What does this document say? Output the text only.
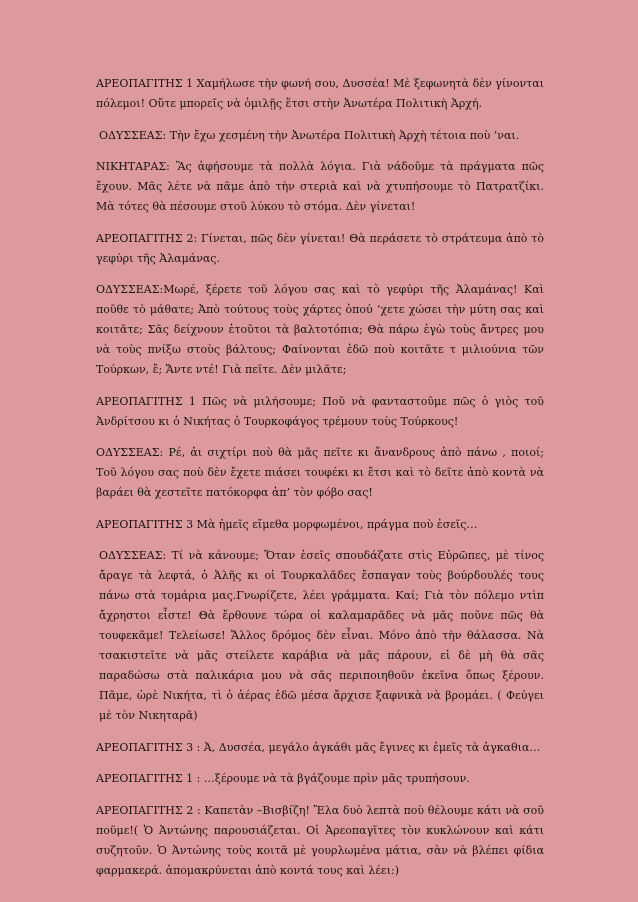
ΑΡΕΟΠΑΓΙΤΗΣ 1 Χαμήλωσε τὴν φωνή σου, Δυσσέα! Μὲ ξεφωνητὰ δὲν γίνονται πόλεμοι! Οὔτε μπορεῖς νὰ ὁμιλῇς ἔτσι στὴν Ἀνωτέρα Πολιτικὴ Ἀρχή.

ΟΔΥΣΣΕΑΣ: Τὴν ἔχω χεσμένη τὴν Ἀνωτέρα Πολιτικὴ Ἀρχὴ τέτοια ποὺ ’ναι.

ΝΙΚΗΤΑΡΑΣ: Ἂς ἀφήσουμε τὰ πολλὰ λόγια. Γιὰ νάδοῦμε τὰ πράγματα πῶς ἔχουν. Μᾶς λέτε νὰ πᾶμε ἀπὸ τὴν στεριὰ καὶ νὰ χτυπήσουμε τὸ Πατρατζίκι. Μὰ τότες θὰ πέσουμε στοῦ λύκου τὸ στόμα. Δὲν γίνεται!

ΑΡΕΟΠΑΓΙΤΗΣ 2: Γίνεται, πῶς δὲν γίνεται! Θὰ περάσετε τὸ στράτευμα ἀπὸ τὸ γεφύρι τῆς Ἀλαμάνας.

ΟΔΥΣΣΕΑΣ:Μωρέ, ξέρετε τοῦ λόγου σας καὶ τὸ γεφύρι τῆς Ἀλαμάνας! Καὶ ποῦθε τὸ μάθατε; Ἀπὸ τούτους τοὺς χάρτες ὁπού ’χετε χώσει τὴν μύτη σας καὶ κοιτᾶτε; Σᾶς δείχνουν ἐτοῦτοι τὰ βαλτοτόπια; Θὰ πάρω ἐγὼ τοὺς ἄντρες μου νὰ τοὺς πνίξω στοὺς βάλτους; Φαίνονται ἐδῶ ποὺ κοιτᾶτε τ μιλιούνια τῶν Τούρκων, ἔ; Ἄντε ντέ! Γιὰ πεῖτε. Δὲν μιλᾶτε;

ΑΡΕΟΠΑΓΙΤΗΣ 1 Πῶς νὰ μιλήσουμε; Ποῦ νὰ φανταστοῦμε πῶς ὁ γιὸς τοῦ Ἀνδρίτσου κι ὁ Νικήτας ὁ Τουρκοφάγος τρέμουν τοὺς Τούρκους!

ΟΔΥΣΣΕΑΣ: Ρέ, ἀι σιχτίρι ποὺ θὰ μᾶς πεῖτε κι ἄνανδρους ἀπὸ πάνω , ποιοί; Τοῦ λόγου σας ποὺ δὲν ἔχετε πιάσει τουφέκι κι ἔτσι καὶ τὸ δεῖτε ἀπὸ κοντὰ νὰ βαράει θὰ χεστεῖτε πατόκορφα ἀπ’ τὸν φόβο σας!

ΑΡΕΟΠΑΓΙΤΗΣ 3 Μὰ ἡμεῖς εἴμεθα μορφωμένοι, πράγμα ποὺ ἐσεῖς…

ΟΔΥΣΣΕΑΣ: Τί νὰ κάνουμε; Ὅταν ἐσεῖς σπουδάζατε στὶς Εὐρῶπες, μὲ τίνος ἄραγε τὰ λεφτά, ὁ Ἀλῆς κι οἱ Τουρκαλᾶδες ἔσπαγαν τοὺς βούρδουλές τους πάνω στὰ τομάρια μας.Γνωρίζετε, λέει γράμματα. Καί; Γιὰ τὸν πόλεμο ντὶπ ἄχρηστοι εἶστε! Θὰ ἔρθουνε τώρα οἱ καλαμαρᾶδες νὰ μᾶς ποῦνε πῶς θὰ τουφεκᾶμε! Τελείωσε! Ἄλλος δρόμος δὲν εἶναι. Μόνο ἀπὸ τὴν θάλασσα. Νὰ τσακιστεῖτε νὰ μᾶς στείλετε καράβια νὰ μᾶς πάρουν, εἰ δὲ μὴ θὰ σᾶς παραδώσω στὰ παλικάρια μου νὰ σᾶς περιποιηθοῦν ἐκεῖνα ὅπως ξέρουν. Πᾶμε, ὠρὲ Νικήτα, τὶ ὁ ἀέρας ἐδῶ μέσα ἄρχισε ξαφνικὰ νὰ βρομάει. ( Φεύγει μὲ τὸν Νικηταρᾶ)

ΑΡΕΟΠΑΓΙΤΗΣ 3 : Ἀ, Δυσσέα, μεγάλο ἀγκάθι μᾶς ἔγινες κι ἐμεῖς τὰ ἀγκαθια…

ΑΡΕΟΠΑΓΙΤΗΣ 1 : …ξέρουμε νὰ τὰ βγάζουμε πρὶν μᾶς τρυπήσουν.

ΑΡΕΟΠΑΓΙΤΗΣ 2 : Καπετὰν –Βισβίζη! Ἔλα δυὸ λεπτὰ ποὺ θέλουμε κάτι νὰ σοῦ ποῦμε!( Ὁ Ἀντώνης παρουσιάζεται. Οἱ Ἀρεοπαγῖτες τὸν κυκλώνουν καὶ κάτι συζητοῦν. Ὁ Ἀντώνης τοὺς κοιτᾶ μὲ γουρλωμένα μάτια, σὰν νὰ βλέπει φίδια φαρμακερά. ἀπομακρύνεται ἀπὸ κοντά τους καὶ λέει:)
